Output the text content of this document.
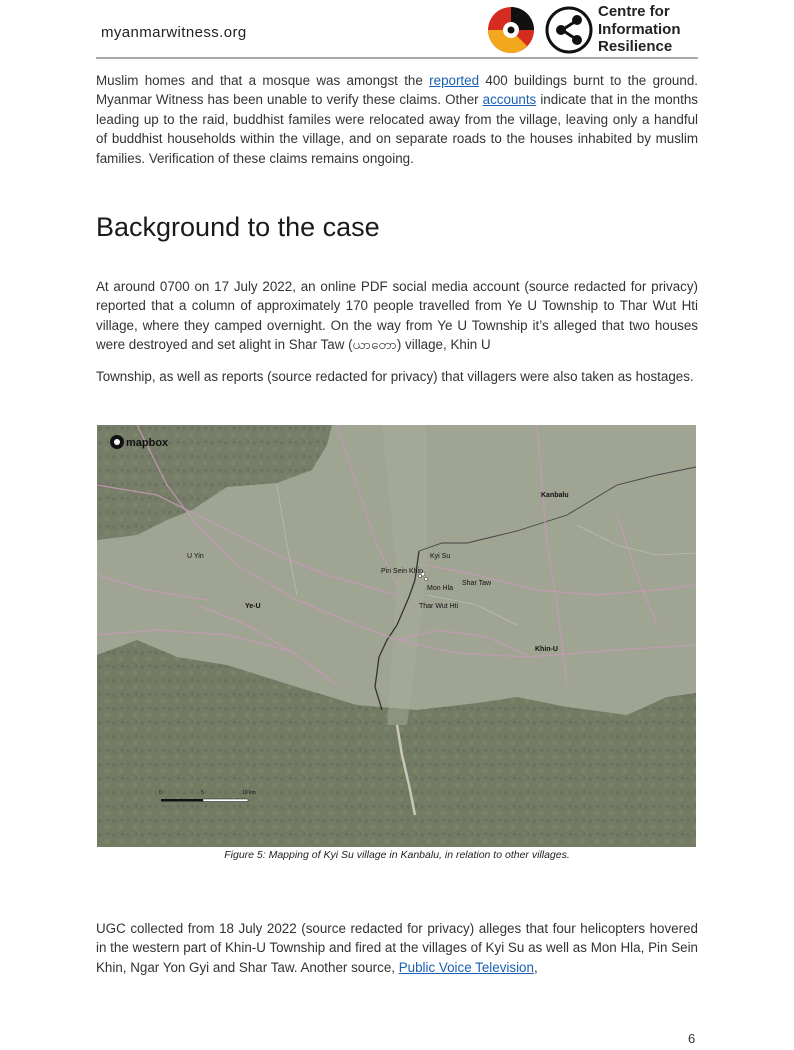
myanmarwitness.org
Centre for
Information
Resilience

Muslim homes and that a mosque was amongst the reported 400 buildings burnt to the ground. Myanmar Witness has been unable to verify these claims. Other accounts indicate that in the months leading up to the raid, buddhist familes were relocated away from the village, leaving only a handful of buddhist households within the village, and on separate roads to the houses inhabited by muslim families. Verification of these claims remains ongoing.

Background to the case

At around 0700 on 17 July 2022, an online PDF social media account (source redacted for privacy) reported that a column of approximately 170 people travelled from Ye U Township to Thar Wut Hti village, where they camped overnight. On the way from Ye U Township it’s alleged that two houses were destroyed and set alight in Shar Taw (ယာတော) village, Khin U

Township, as well as reports (source redacted for privacy) that villagers were also taken as hostages.

Kanbalu
U Yin
Ye-U
Kyi Su
Pin Sein Khin
Mon Hla
Shar Taw
Thar Wut Hti
Khin-U
mapbox
0	5	10 km
Figure 5: Mapping of Kyi Su village in Kanbalu, in relation to other villages.

UGC collected from 18 July 2022 (source redacted for privacy) alleges that four helicopters hovered in the western part of Khin-U Township and fired at the villages of Kyi Su as well as Mon Hla, Pin Sein Khin, Ngar Yon Gyi and Shar Taw. Another source, Public Voice Television,

6
